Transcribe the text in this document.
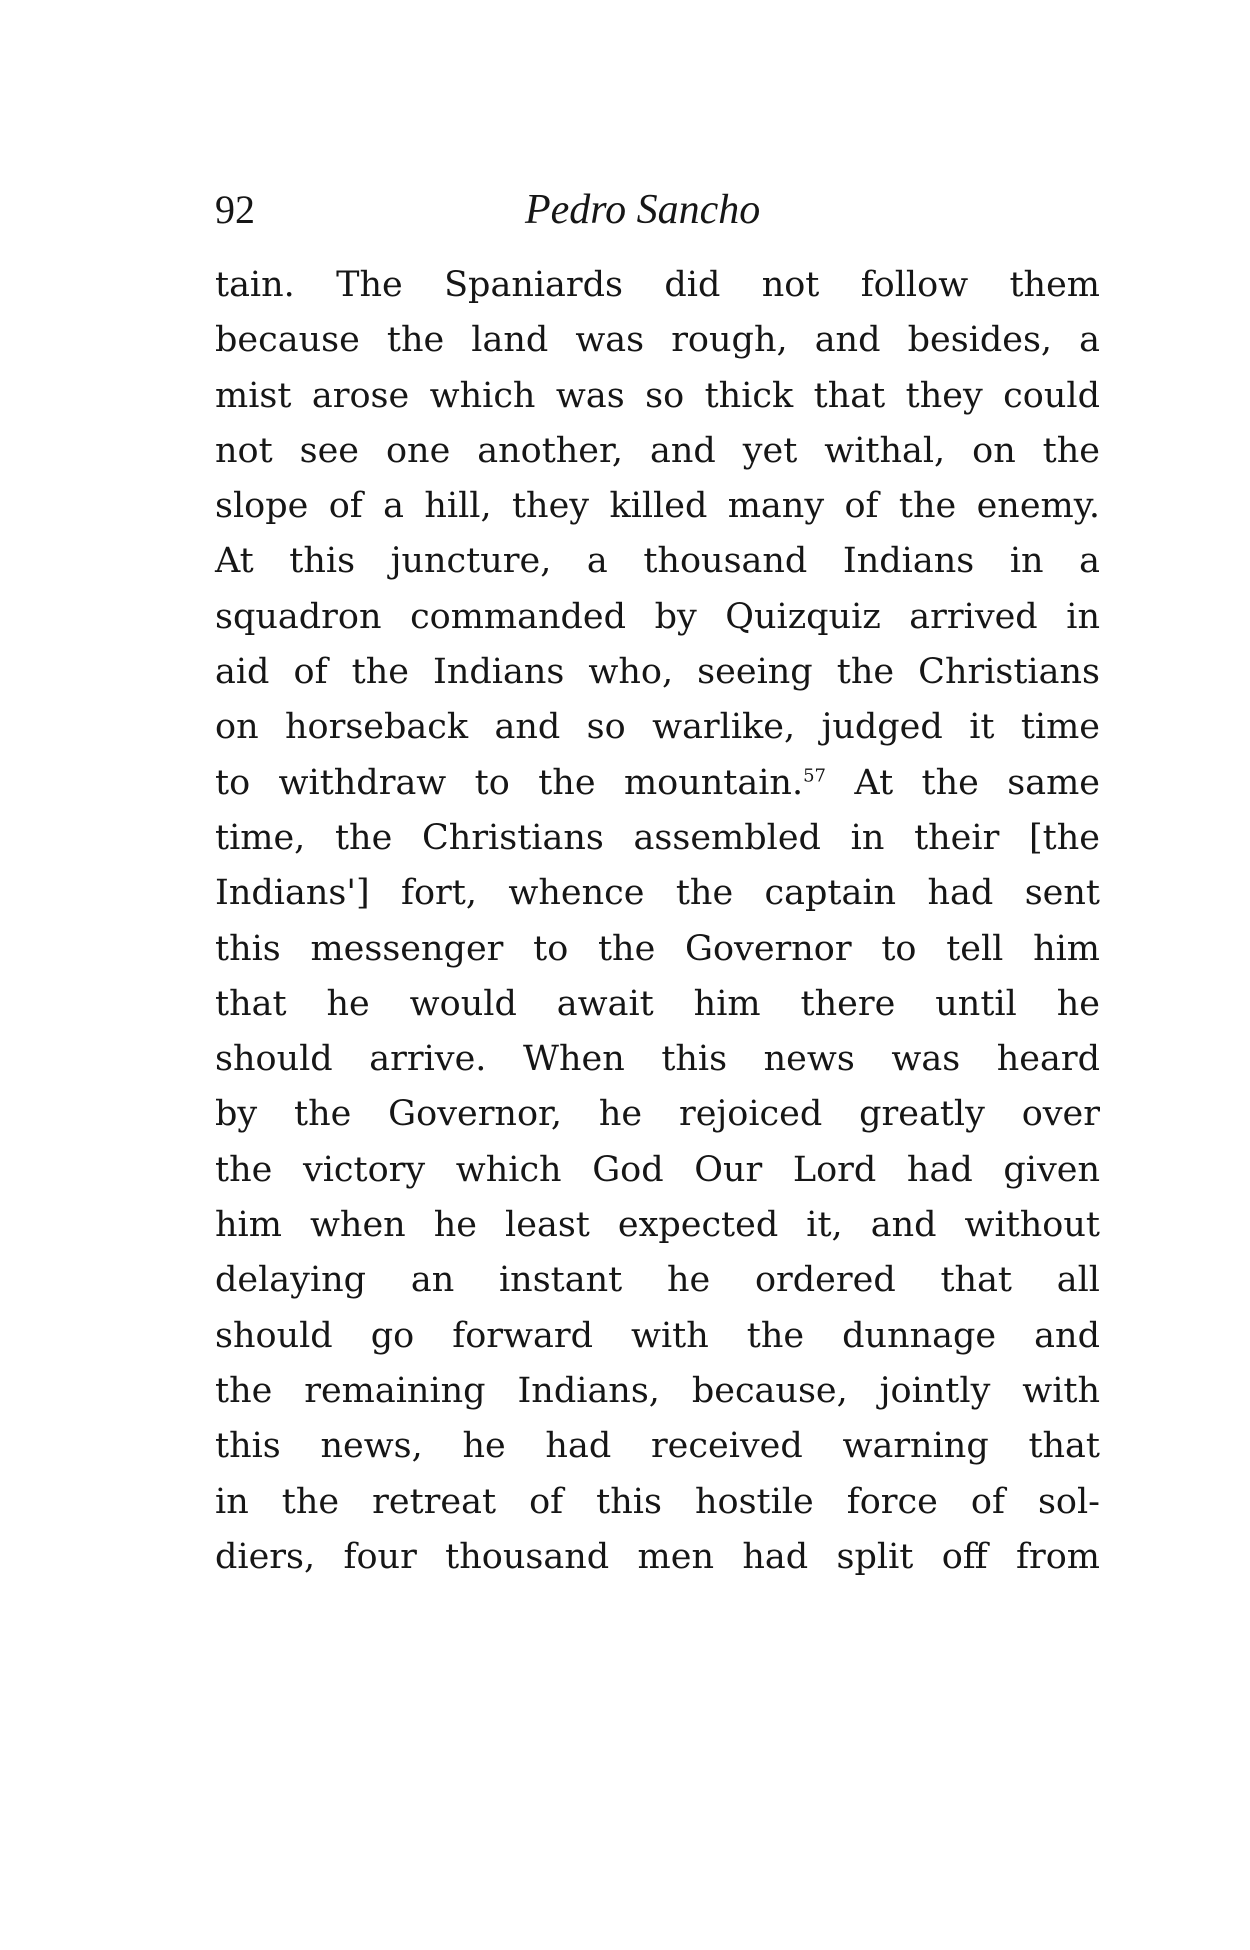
92	Pedro Sancho
tain. The Spaniards did not follow them
because the land was rough, and besides, a
mist arose which was so thick that they could
not see one another, and yet withal, on the
slope of a hill, they killed many of the enemy.
At this juncture, a thousand Indians in a
squadron commanded by Quizquiz arrived in
aid of the Indians who, seeing the Christians
on horseback and so warlike, judged it time
to withdraw to the mountain.$^{57}$ At the same
time, the Christians assembled in their [the
Indians'] fort, whence the captain had sent
this messenger to the Governor to tell him
that he would await him there until he
should arrive. When this news was heard
by the Governor, he rejoiced greatly over
the victory which God Our Lord had given
him when he least expected it, and without
delaying an instant he ordered that all
should go forward with the dunnage and
the remaining Indians, because, jointly with
this news, he had received warning that
in the retreat of this hostile force of sol-
diers, four thousand men had split off from
